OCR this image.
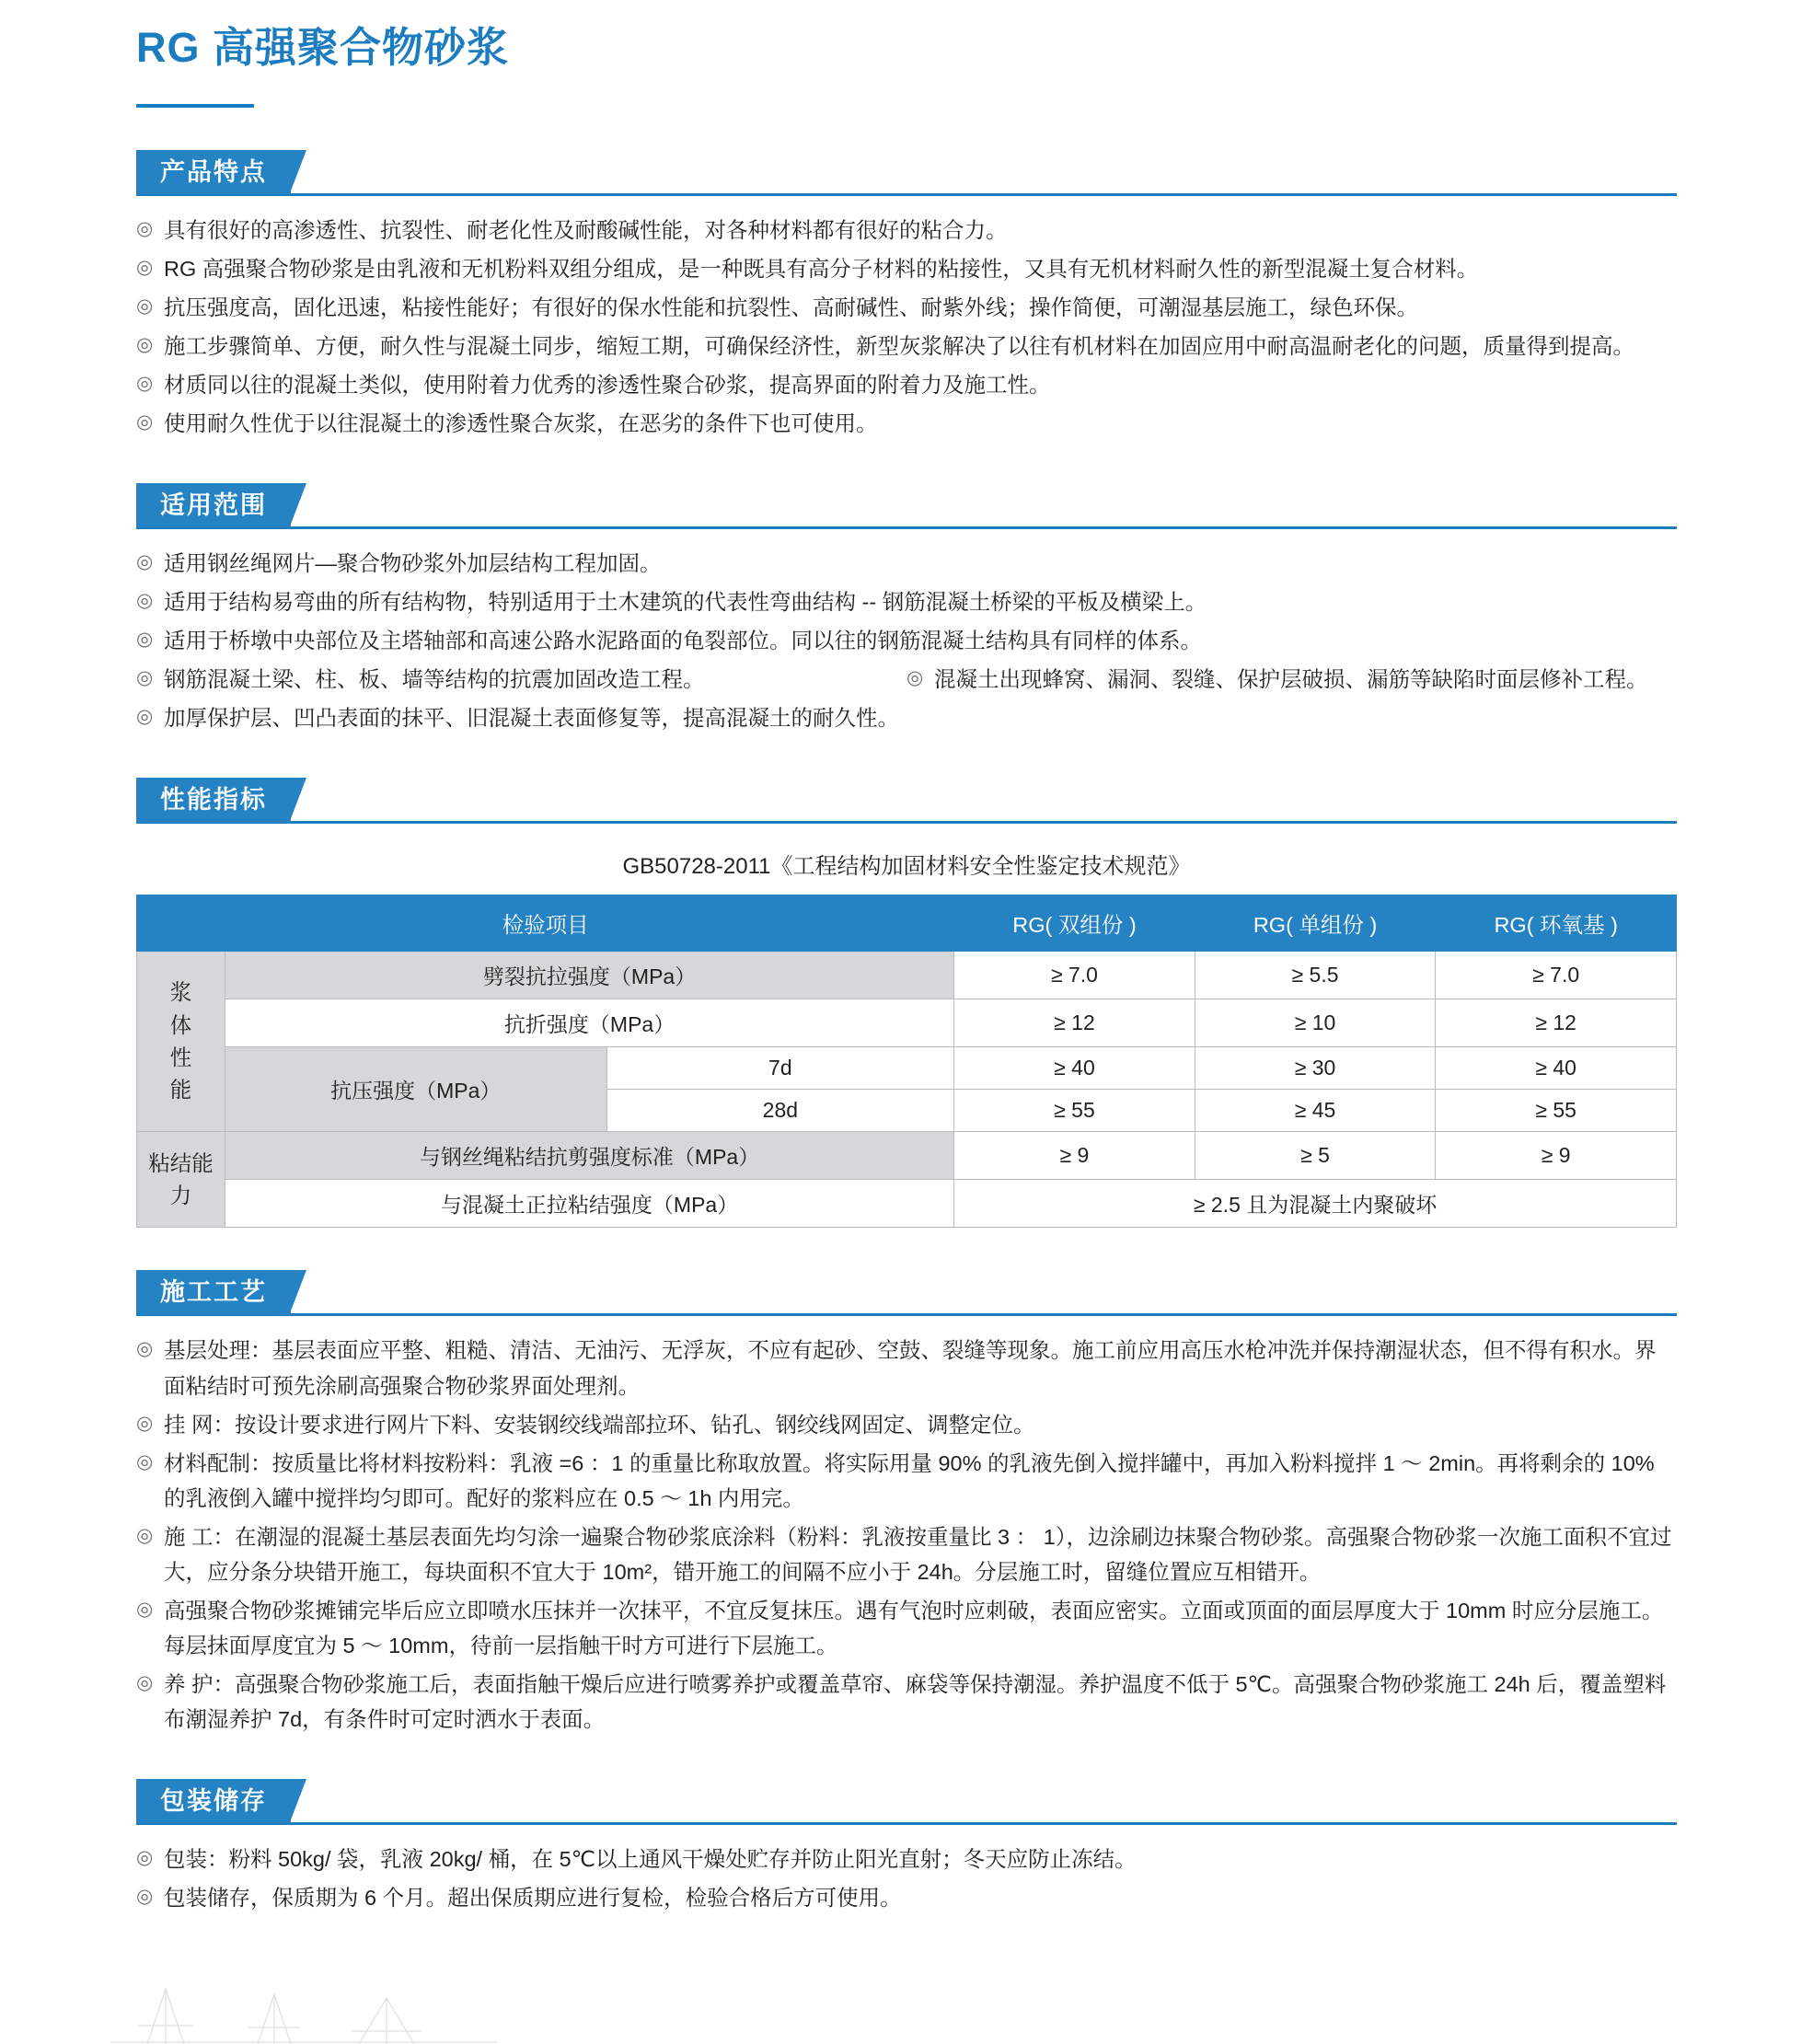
RG 高强聚合物砂浆
产品特点
◎ 具有很好的高渗透性、抗裂性、耐老化性及耐酸碱性能，对各种材料都有很好的粘合力。
◎ RG 高强聚合物砂浆是由乳液和无机粉料双组分组成，是一种既具有高分子材料的粘接性，又具有无机材料耐久性的新型混凝土复合材料。
◎ 抗压强度高，固化迅速，粘接性能好；有很好的保水性能和抗裂性、高耐碱性、耐紫外线；操作简便，可潮湿基层施工，绿色环保。
◎ 施工步骤简单、方便，耐久性与混凝土同步，缩短工期，可确保经济性，新型灰浆解决了以往有机材料在加固应用中耐高温耐老化的问题，质量得到提高。
◎ 材质同以往的混凝土类似，使用附着力优秀的渗透性聚合砂浆，提高界面的附着力及施工性。
◎ 使用耐久性优于以往混凝土的渗透性聚合灰浆，在恶劣的条件下也可使用。
适用范围
◎ 适用钢丝绳网片—聚合物砂浆外加层结构工程加固。
◎ 适用于结构易弯曲的所有结构物，特别适用于土木建筑的代表性弯曲结构 -- 钢筋混凝土桥梁的平板及横梁上。
◎ 适用于桥墩中央部位及主塔轴部和高速公路水泥路面的龟裂部位。同以往的钢筋混凝土结构具有同样的体系。
◎ 钢筋混凝土梁、柱、板、墙等结构的抗震加固改造工程。	◎ 混凝土出现蜂窝、漏洞、裂缝、保护层破损、漏筋等缺陷时面层修补工程。
◎ 加厚保护层、凹凸表面的抹平、旧混凝土表面修复等，提高混凝土的耐久性。
性能指标
GB50728-2011《工程结构加固材料安全性鉴定技术规范》
检验项目			RG( 双组份 )	RG( 单组份 )	RG( 环氧基 )

浆
体
性
能	劈裂抗拉强度（MPa）		≥ 7.0	≥ 5.5	≥ 7.0
	抗折强度（MPa）		≥ 12	≥ 10	≥ 12
	抗压强度（MPa）	7d	≥ 40	≥ 30	≥ 40
		28d	≥ 55	≥ 45	≥ 55

粘结能
力	与钢丝绳粘结抗剪强度标准（MPa）		≥ 9	≥ 5	≥ 9
	与混凝土正拉粘结强度（MPa）		≥ 2.5 且为混凝土内聚破坏		
施工工艺
◎ 基层处理：基层表面应平整、粗糙、清洁、无油污、无浮灰，不应有起砂、空鼓、裂缝等现象。施工前应用高压水枪冲洗并保持潮湿状态，但不得有积水。界面粘结时可预先涂刷高强聚合物砂浆界面处理剂。
◎ 挂 网：按设计要求进行网片下料、安装钢绞线端部拉环、钻孔、钢绞线网固定、调整定位。
◎ 材料配制：按质量比将材料按粉料：乳液 =6 ：1 的重量比称取放置。将实际用量 90% 的乳液先倒入搅拌罐中，再加入粉料搅拌 1 ～ 2min。再将剩余的 10% 的乳液倒入罐中搅拌均匀即可。配好的浆料应在 0.5 ～ 1h 内用完。
◎ 施 工：在潮湿的混凝土基层表面先均匀涂一遍聚合物砂浆底涂料（粉料：乳液按重量比 3 ： 1），边涂刷边抹聚合物砂浆。高强聚合物砂浆一次施工面积不宜过大，应分条分块错开施工，每块面积不宜大于 10m²，错开施工的间隔不应小于 24h。分层施工时，留缝位置应互相错开。
◎ 高强聚合物砂浆摊铺完毕后应立即喷水压抹并一次抹平，不宜反复抹压。遇有气泡时应刺破，表面应密实。立面或顶面的面层厚度大于 10mm 时应分层施工。每层抹面厚度宜为 5 ～ 10mm，待前一层指触干时方可进行下层施工。
◎ 养 护：高强聚合物砂浆施工后，表面指触干燥后应进行喷雾养护或覆盖草帘、麻袋等保持潮湿。养护温度不低于 5℃。高强聚合物砂浆施工 24h 后，覆盖塑料布潮湿养护 7d，有条件时可定时洒水于表面。
包装储存
◎ 包装：粉料 50kg/ 袋，乳液 20kg/ 桶，在 5℃以上通风干燥处贮存并防止阳光直射；冬天应防止冻结。
◎ 包装储存，保质期为 6 个月。超出保质期应进行复检，检验合格后方可使用。
